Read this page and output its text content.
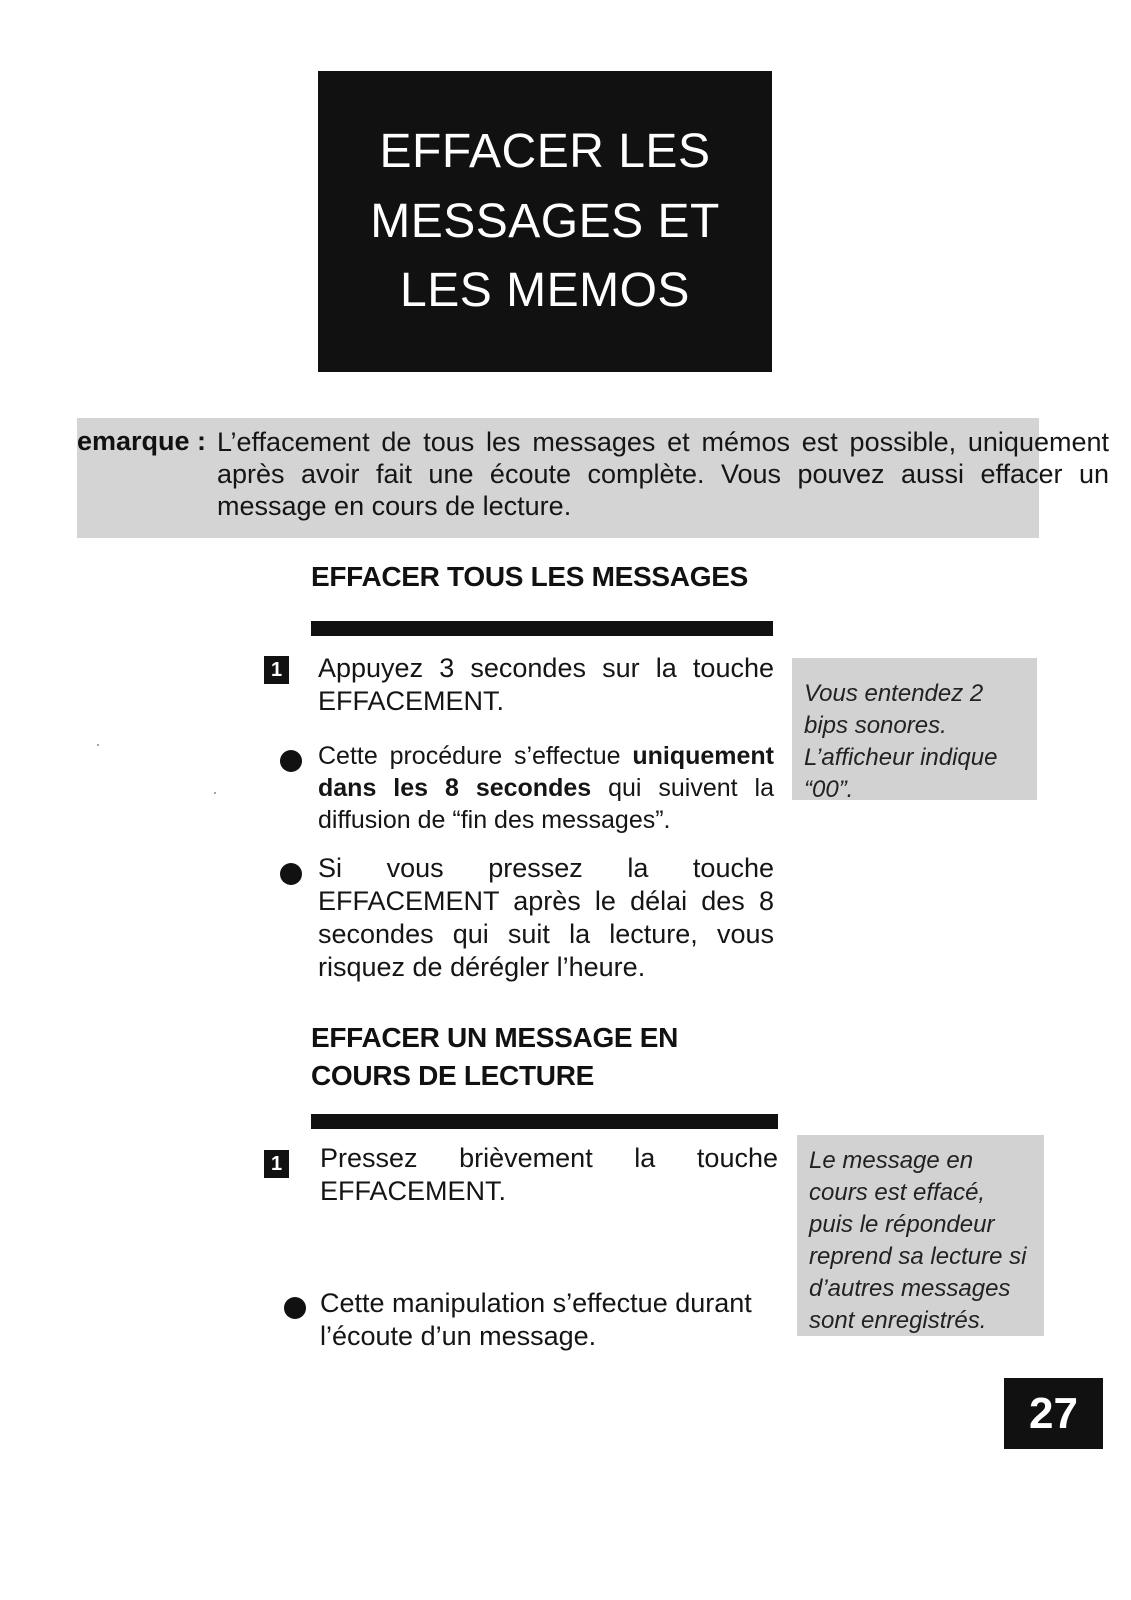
EFFACER LES
MESSAGES ET
LES MEMOS
emarque : L’effacement de tous les messages et mémos est possible, uniquement après avoir fait une écoute complète. Vous pouvez aussi effacer un message en cours de lecture.
EFFACER TOUS LES MESSAGES
1 Appuyez 3 secondes sur la touche EFFACEMENT.
Cette procédure s’effectue uniquement dans les 8 secondes qui suivent la diffusion de “fin des messages”.
Si vous pressez la touche EFFACEMENT après le délai des 8 secondes qui suit la lecture, vous risquez de dérégler l’heure.
Vous entendez 2 bips sonores. L’afficheur indique “00”.
EFFACER UN MESSAGE EN
COURS DE LECTURE
1 Pressez brièvement la touche EFFACEMENT.
Cette manipulation s’effectue durant l’écoute d’un message.
Le message en cours est effacé, puis le répondeur reprend sa lecture si d’autres messages sont enregistrés.
27
